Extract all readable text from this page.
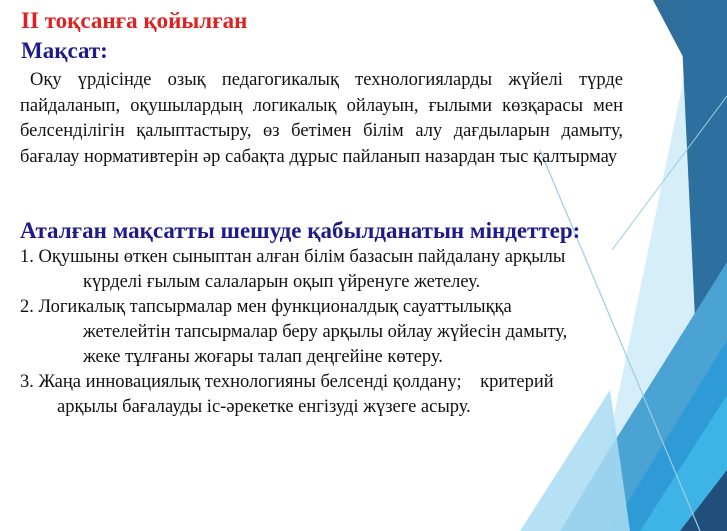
ІІ тоқсанға қойылған
Мақсат:

Оқу үрдісінде озық педагогикалық технологияларды жүйелі түрде пайдаланып, оқушылардың логикалық ойлауын, ғылыми көзқарасы мен белсенділігін қалыптастыру, өз бетімен білім алу дағдыларын дамыту, бағалау нормативтерін әр сабақта дұрыс пайланып назардан тыс қалтырмау

Аталған мақсатты шешуде қабылданатын міндеттер:
1. Оқушыны өткен сыныптан алған білім базасын пайдалану арқылы
күрделі ғылым салаларын оқып үйренуге жетелеу.
2. Логикалық тапсырмалар мен функционалдық сауаттылыққа
жетелейтін тапсырмалар беру арқылы ойлау жүйесін дамыту,
жеке тұлғаны жоғары талап деңгейіне көтеру.
3. Жаңа инновациялық технологияны белсенді қолдану;    критерий
арқылы бағалауды іс-әрекетке енгізуді жүзеге асыру.
